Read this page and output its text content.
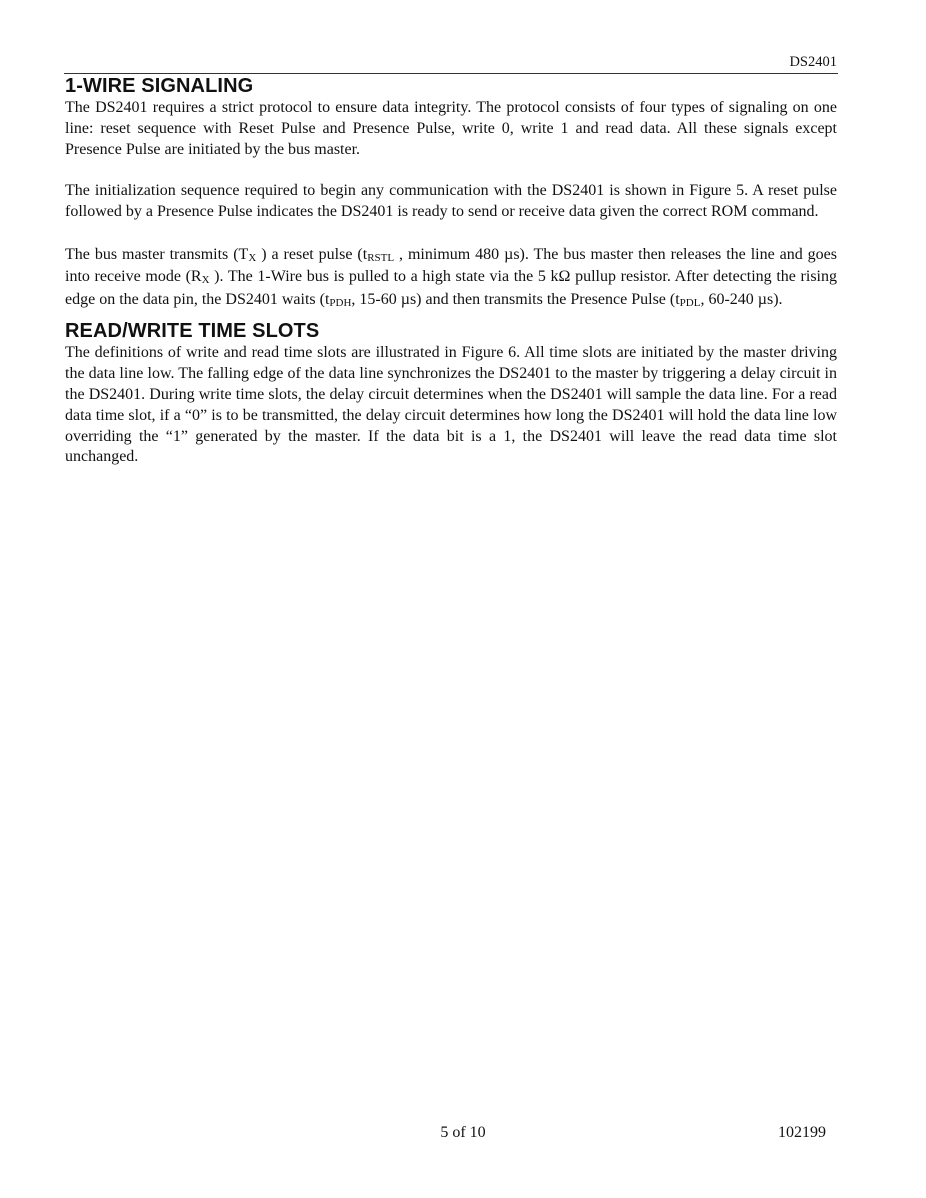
DS2401
1-WIRE SIGNALING

The DS2401 requires a strict protocol to ensure data integrity. The protocol consists of four types of signaling on one line: reset sequence with Reset Pulse and Presence Pulse, write 0, write 1 and read data. All these signals except Presence Pulse are initiated by the bus master.

The initialization sequence required to begin any communication with the DS2401 is shown in Figure 5. A reset pulse followed by a Presence Pulse indicates the DS2401 is ready to send or receive data given the correct ROM command.

The bus master transmits ($T_X$ ) a reset pulse ($t_{RSTL}$ , minimum 480 µs). The bus master then releases the line and goes into receive mode ($R_X$ ). The 1-Wire bus is pulled to a high state via the 5 kΩ pullup resistor. After detecting the rising edge on the data pin, the DS2401 waits ($t_{PDH}$, 15-60 µs) and then transmits the Presence Pulse ($t_{PDL}$, 60-240 µs).

READ/WRITE TIME SLOTS

The definitions of write and read time slots are illustrated in Figure 6. All time slots are initiated by the master driving the data line low. The falling edge of the data line synchronizes the DS2401 to the master by triggering a delay circuit in the DS2401. During write time slots, the delay circuit determines when the DS2401 will sample the data line. For a read data time slot, if a “0” is to be transmitted, the delay circuit determines how long the DS2401 will hold the data line low overriding the “1” generated by the master. If the data bit is a 1, the DS2401 will leave the read data time slot unchanged.

5 of 10	102199
